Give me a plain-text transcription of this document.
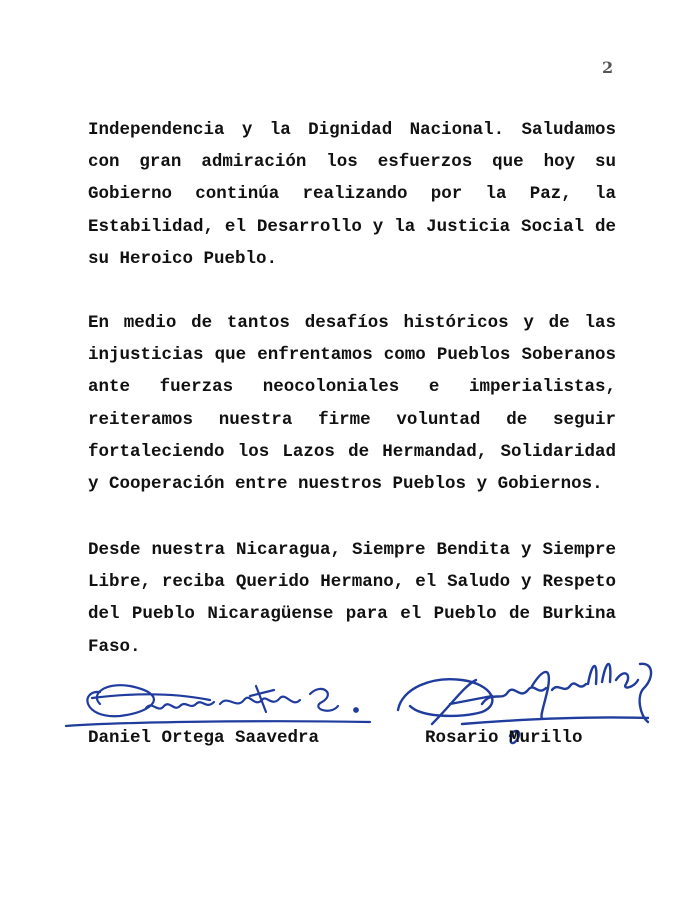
2

Independencia y la Dignidad Nacional. Saludamos con gran admiración los esfuerzos que hoy su Gobierno continúa realizando por la Paz, la Estabilidad, el Desarrollo y la Justicia Social de su Heroico Pueblo.

En medio de tantos desafíos históricos y de las injusticias que enfrentamos como Pueblos Soberanos ante fuerzas neocoloniales e imperialistas, reiteramos nuestra firme voluntad de seguir fortaleciendo los Lazos de Hermandad, Solidaridad y Cooperación entre nuestros Pueblos y Gobiernos.

Desde nuestra Nicaragua, Siempre Bendita y Siempre Libre, reciba Querido Hermano, el Saludo y Respeto del Pueblo Nicaragüense para el Pueblo de Burkina Faso.

Daniel Ortega Saavedra	Rosario Murillo
